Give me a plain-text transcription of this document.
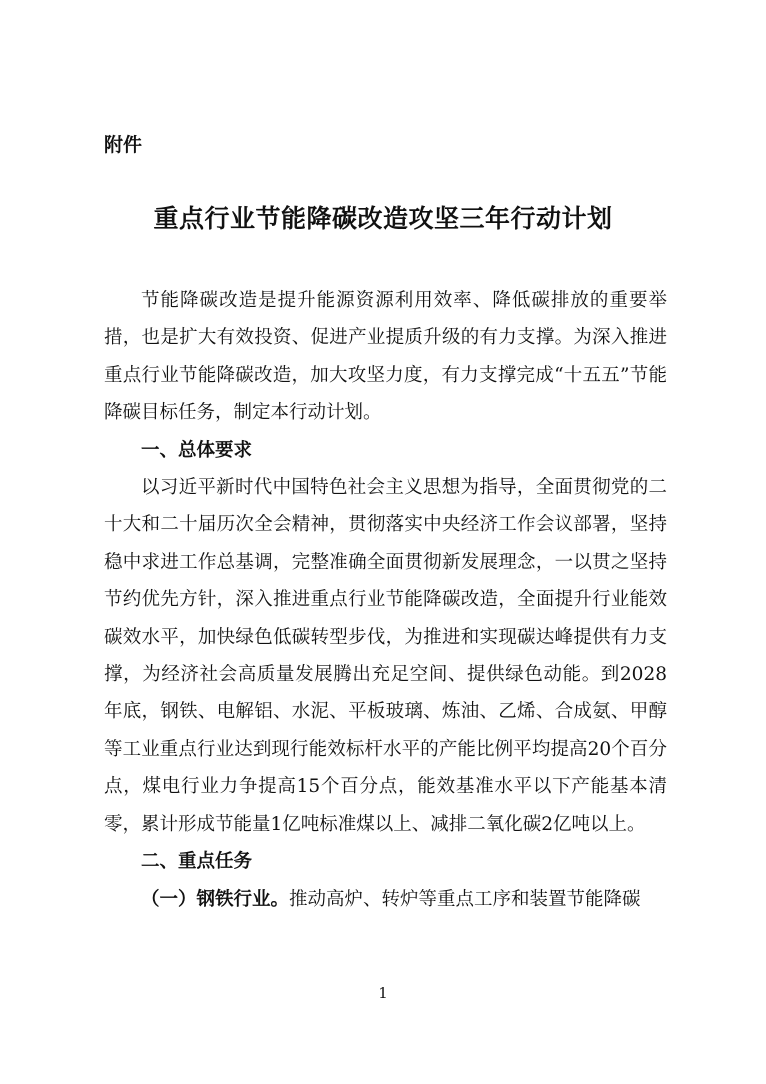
附件
重点行业节能降碳改造攻坚三年行动计划

节能降碳改造是提升能源资源利用效率、降低碳排放的重要举措，也是扩大有效投资、促进产业提质升级的有力支撑。为深入推进重点行业节能降碳改造，加大攻坚力度，有力支撑完成“十五五”节能降碳目标任务，制定本行动计划。

一、总体要求

以习近平新时代中国特色社会主义思想为指导，全面贯彻党的二十大和二十届历次全会精神，贯彻落实中央经济工作会议部署，坚持稳中求进工作总基调，完整准确全面贯彻新发展理念，一以贯之坚持节约优先方针，深入推进重点行业节能降碳改造，全面提升行业能效碳效水平，加快绿色低碳转型步伐，为推进和实现碳达峰提供有力支撑，为经济社会高质量发展腾出充足空间、提供绿色动能。到2028年底，钢铁、电解铝、水泥、平板玻璃、炼油、乙烯、合成氨、甲醇等工业重点行业达到现行能效标杆水平的产能比例平均提高20个百分点，煤电行业力争提高15个百分点，能效基准水平以下产能基本清零，累计形成节能量1亿吨标准煤以上、减排二氧化碳2亿吨以上。

二、重点任务

（一）钢铁行业。推动高炉、转炉等重点工序和装置节能降碳

1
